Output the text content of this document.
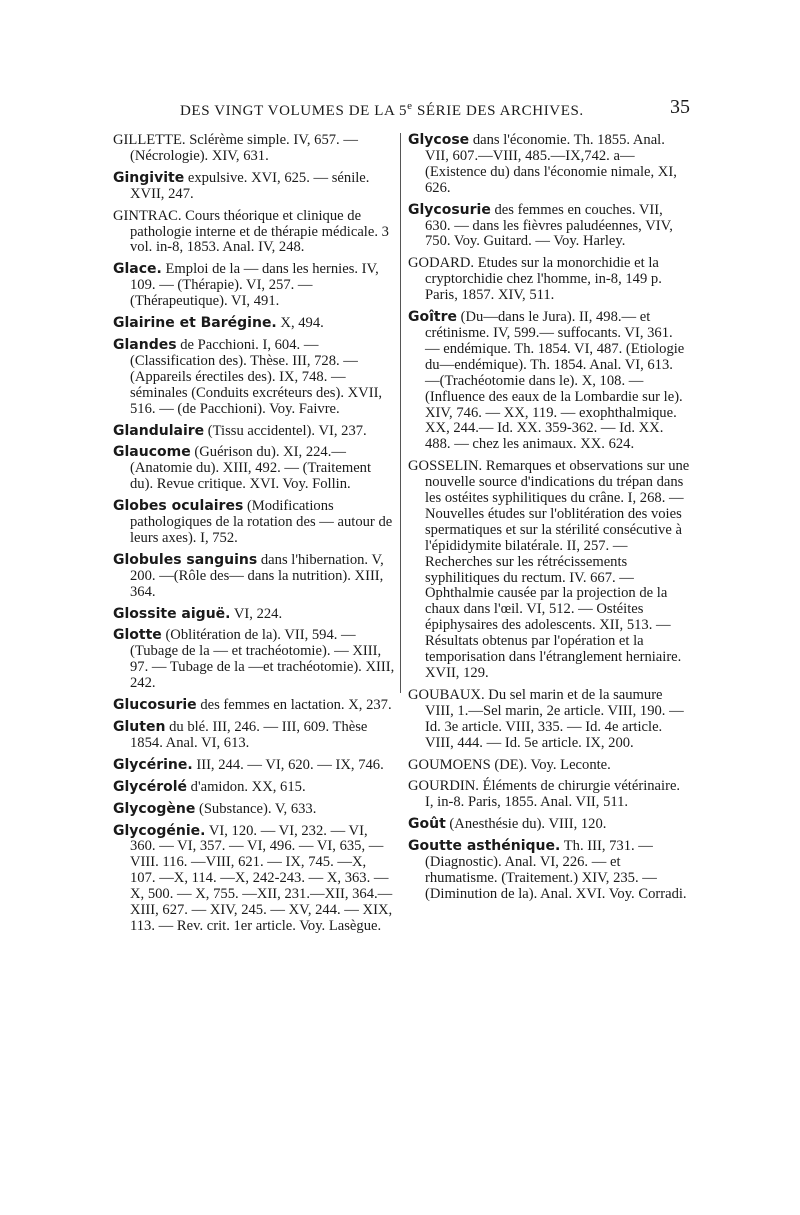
DES VINGT VOLUMES DE LA 5e SÉRIE DES ARCHIVES.	35
GILLETTE. Sclérème simple. IV, 657. — (Nécrologie). XIV, 631.
Gingivite expulsive. XVI, 625. — sénile. XVII, 247.
GINTRAC. Cours théorique et clinique de pathologie interne et de thérapie médicale. 3 vol. in-8, 1853. Anal. IV, 248.
Glace. Emploi de la — dans les hernies. IV, 109. — (Thérapie). VI, 257. — (Thérapeutique). VI, 491.
Glairine et Barégine. X, 494.
Glandes de Pacchioni. I, 604. — (Classification des). Thèse. III, 728. —(Appareils érectiles des). IX, 748. — séminales (Conduits excréteurs des). XVII, 516. — (de Pacchioni). Voy. Faivre.
Glandulaire (Tissu accidentel). VI, 237.
Glaucome (Guérison du). XI, 224.— (Anatomie du). XIII, 492. — (Traitement du). Revue critique. XVI. Voy. Follin.
Globes oculaires (Modifications pathologiques de la rotation des — autour de leurs axes). I, 752.
Globules sanguins dans l'hibernation. V, 200. —(Rôle des— dans la nutrition). XIII, 364.
Glossite aiguë. VI, 224.
Glotte (Oblitération de la). VII, 594. — (Tubage de la — et trachéotomie). — XIII, 97. — Tubage de la —et trachéotomie). XIII, 242.
Glucosurie des femmes en lactation. X, 237.
Gluten du blé. III, 246. — III, 609. Thèse 1854. Anal. VI, 613.
Glycérine. III, 244. — VI, 620. — IX, 746.
Glycérolé d'amidon. XX, 615.
Glycogène (Substance). V, 633.
Glycogénie. VI, 120. — VI, 232. — VI, 360. — VI, 357. — VI, 496. — VI, 635, —VIII. 116. —VIII, 621. — IX, 745. —X, 107. —X, 114. —X, 242-243. — X, 363. — X, 500. — X, 755. —XII, 231.—XII, 364.—XIII, 627. — XIV, 245. — XV, 244. — XIX, 113. — Rev. crit. 1er article. Voy. Lasègue.
Glycose dans l'économie. Th. 1855. Anal. VII, 607.—VIII, 485.—IX,742. a— (Existence du) dans l'économie nimale, XI, 626.
Glycosurie des femmes en couches. VII, 630. — dans les fièvres paludéennes, VIV, 750. Voy. Guitard. — Voy. Harley.
GODARD. Etudes sur la monorchidie et la cryptorchidie chez l'homme, in-8, 149 p. Paris, 1857. XIV, 511.
Goître (Du—dans le Jura). II, 498.— et crétinisme. IV, 599.— suffocants. VI, 361. — endémique. Th. 1854. VI, 487. (Etiologie du—endémique). Th. 1854. Anal. VI, 613. —(Trachéotomie dans le). X, 108. — (Influence des eaux de la Lombardie sur le). XIV, 746. — XX, 119. — exophthalmique. XX, 244.— Id. XX. 359-362. — Id. XX. 488. — chez les animaux. XX. 624.
GOSSELIN. Remarques et observations sur une nouvelle source d'indications du trépan dans les ostéites syphilitiques du crâne. I, 268. — Nouvelles études sur l'oblitération des voies spermatiques et sur la stérilité consécutive à l'épididymite bilatérale. II, 257. — Recherches sur les rétrécissements syphilitiques du rectum. IV. 667. — Ophthalmie causée par la projection de la chaux dans l'œil. VI, 512. — Ostéites épiphysaires des adolescents. XII, 513. — Résultats obtenus par l'opération et la temporisation dans l'étranglement herniaire. XVII, 129.
GOUBAUX. Du sel marin et de la saumure VIII, 1.—Sel marin, 2e article. VIII, 190. — Id. 3e article. VIII, 335. — Id. 4e article. VIII, 444. — Id. 5e article. IX, 200.
GOUMOENS (DE). Voy. Leconte.
GOURDIN. Éléments de chirurgie vétérinaire. I, in-8. Paris, 1855. Anal. VII, 511.
Goût (Anesthésie du). VIII, 120.
Goutte asthénique. Th. III, 731. — (Diagnostic). Anal. VI, 226. — et rhumatisme. (Traitement.) XIV, 235. — (Diminution de la). Anal. XVI. Voy. Corradi.
